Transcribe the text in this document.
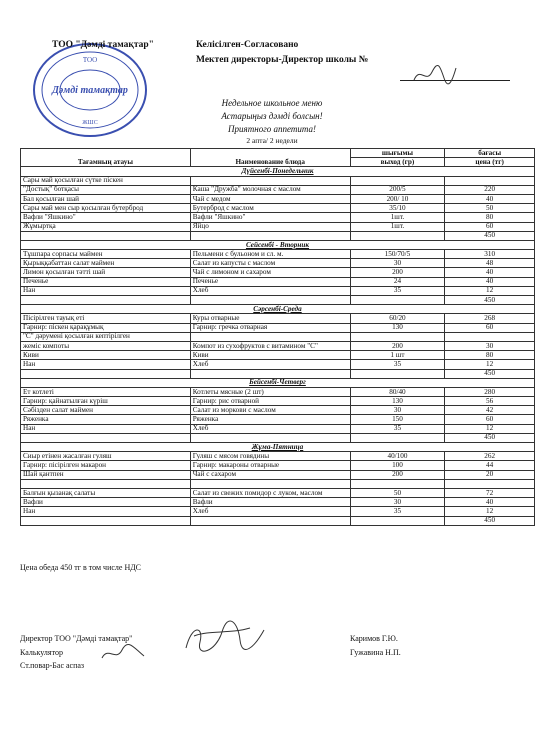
ТОО
Дәмді тамақтар
ЖШС
ТОО "Дәмді тамақтар"	Келісілген-Согласовано
Мектеп директоры-Директор школы №
Недельное школьное меню
Астарыңыз дәмді болсын!
Приятного аппетита!
2 апта/ 2 недели
Тағамның атауы	Наименование блюда	шығымы	бағасы
		выход (гр)	цена (тг)
Дүйсенбі-Понедельник			
Сары май қосылған сүтке піскен			
"Достық" ботқасы	Каша "Дружба" молочная с маслом	200/5	220
Бал қосылған шай	Чай с медом	200/ 10	40
Сары май мен сыр қосылған бутерброд	Бутерброд с маслом	35/10	50
Вафли "Яшкино"	Вафли "Яшкино"	1шт.	80
Жұмыртқа	Яйцо	1шт.	60
			450
Сейсенбі - Вторник			
Тұшпара сорпасы маймен	Пельмени с бульоном и сл. м.	150/70/5	310
Қырыққабаттан салат маймен	Салат из капусты с маслом	30	48
Лимон қосылған тәтті шай	Чай с лимоном и сахаром	200	40
Печенье	Печенье	24	40
Нан	Хлеб	35	12
			450
Сәрсенбі-Среда			
Пісірілген тауық еті	Куры отварные	60/20	268
Гарнир: піскен қарақұмық	Гарнир: гречка отварная	130	60
"С" дәрумені қосылған кептірілген			
жеміс компоты	Компот из сухофруктов с витамином "С"	200	30
Киви	Киви	1 шт	80
Нан	Хлеб	35	12
			450
Бейсенбі-Четверг			
Ет котлеті	Котлеты мясные (2 шт)	80/40	280
Гарнир: қайнатылған күріш	Гарнир: рис отварной	130	56
Сәбізден салат маймен	Салат из моркови с маслом	30	42
Ряженка	Ряженка	150	60
Нан	Хлеб	35	12
			450
Жұма-Пятница			
Сиыр етінен жасалған гуляш	Гуляш с мясом говядины	40/100	262
Гарнир: пісірілген макарон	Гарнир: макароны отварные	100	44
Шай қантпен	Чай с сахаром	200	20

Балғын қызанақ салаты	Салат из свежих помидор с луком, маслом	50	72
Вафли	Вафли	30	40
Нан	Хлеб	35	12
			450
Цена обеда 450 тг в том числе НДС
Директор ТОО "Дәмді тамақтар"	Каримов Г.Ю.
Калькулятор	Гужавина Н.П.
Ст.повар-Бас аспаз
